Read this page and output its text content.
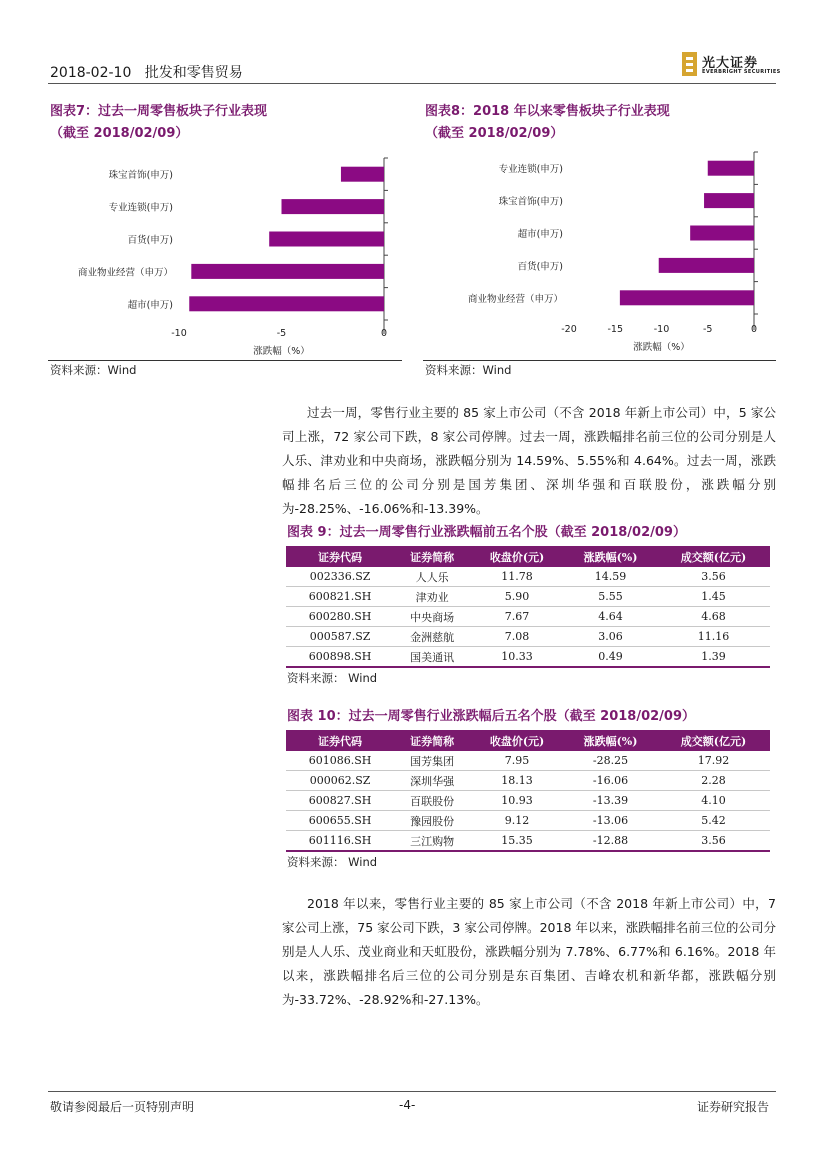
2018-02-10 批发和零售贸易
光大证券
EVERBRIGHT SECURITIES
图表7：过去一周零售板块子行业表现
（截至 2018/02/09）
珠宝首饰(申万)
专业连锁(申万)
百货(申万)
商业物业经营（申万）
超市(申万)
-10	-5	0
涨跌幅（%）
资料来源：Wind
图表8：2018 年以来零售板块子行业表现
（截至 2018/02/09）
专业连锁(申万)
珠宝首饰(申万)
超市(申万)
百货(申万)
商业物业经营（申万）
-20	-15	-10	-5	0
涨跌幅（%）
资料来源：Wind

过去一周，零售行业主要的 85 家上市公司（不含 2018 年新上市公司）中，5 家公司上涨，72 家公司下跌，8 家公司停牌。过去一周，涨跌幅排名前三位的公司分别是人人乐、津劝业和中央商场，涨跌幅分别为 14.59%、5.55%和 4.64%。过去一周，涨跌幅排名后三位的公司分别是国芳集团、深圳华强和百联股份，涨跌幅分别为-28.25%、-16.06%和-13.39%。

图表 9：过去一周零售行业涨跌幅前五名个股（截至 2018/02/09）
证券代码	证券简称	收盘价(元)	涨跌幅(%)	成交额(亿元)
002336.SZ	人人乐	11.78	14.59	3.56
600821.SH	津劝业	5.90	5.55	1.45
600280.SH	中央商场	7.67	4.64	4.68
000587.SZ	金洲慈航	7.08	3.06	11.16
600898.SH	国美通讯	10.33	0.49	1.39
资料来源： Wind
图表 10：过去一周零售行业涨跌幅后五名个股（截至 2018/02/09）
证券代码	证券简称	收盘价(元)	涨跌幅(%)	成交额(亿元)
601086.SH	国芳集团	7.95	-28.25	17.92
000062.SZ	深圳华强	18.13	-16.06	2.28
600827.SH	百联股份	10.93	-13.39	4.10
600655.SH	豫园股份	9.12	-13.06	5.42
601116.SH	三江购物	15.35	-12.88	3.56
资料来源： Wind

2018 年以来，零售行业主要的 85 家上市公司（不含 2018 年新上市公司）中，7 家公司上涨，75 家公司下跌，3 家公司停牌。2018 年以来，涨跌幅排名前三位的公司分别是人人乐、茂业商业和天虹股份，涨跌幅分别为 7.78%、6.77%和 6.16%。2018 年以来，涨跌幅排名后三位的公司分别是东百集团、吉峰农机和新华都，涨跌幅分别为-33.72%、-28.92%和-27.13%。

敬请参阅最后一页特别声明	-4-	证券研究报告
